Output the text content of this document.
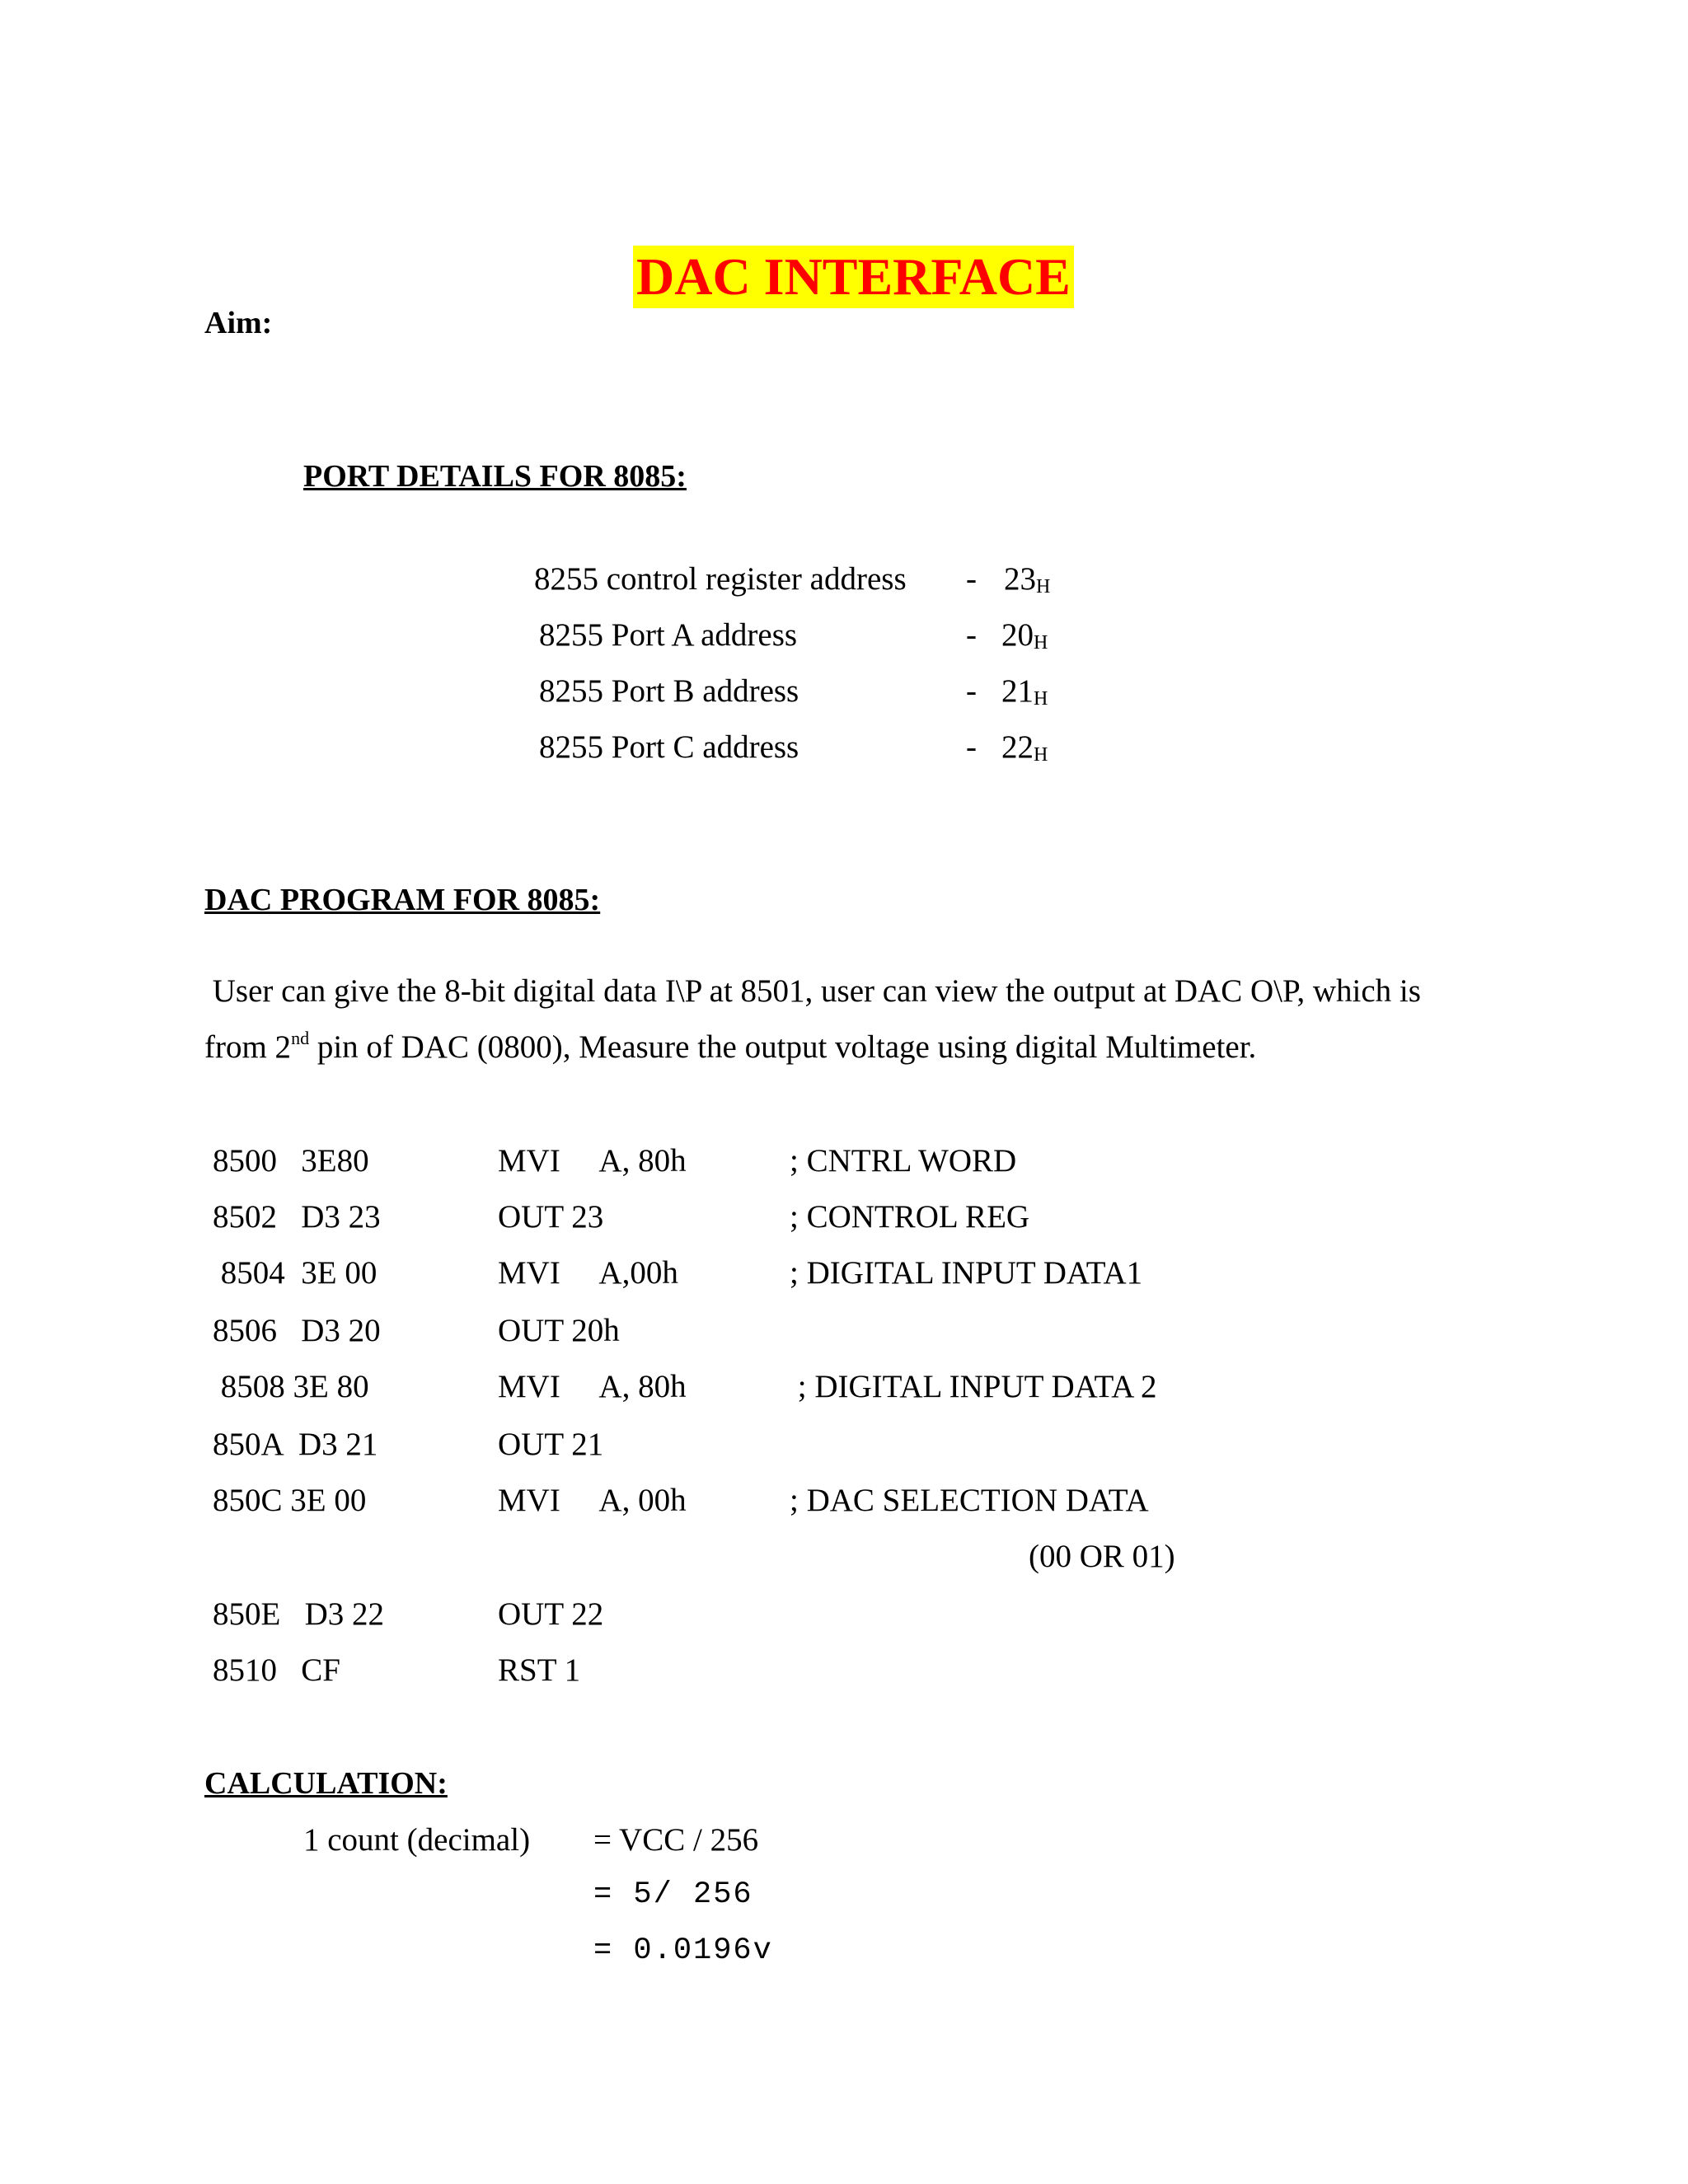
DAC INTERFACE
Aim:
PORT DETAILS FOR 8085:
8255 control register address - 23H
8255 Port A address	- 20H
8255 Port B address	- 21H
8255 Port C address	- 22H
DAC PROGRAM FOR 8085:
User can give the 8-bit digital data I\P at 8501, user can view the output at DAC O\P, which is
from 2nd pin of DAC (0800), Measure the output voltage using digital Multimeter.
8500   3E80	MVI     A, 80h	; CNTRL WORD
8502   D3 23	OUT 23	; CONTROL REG
8504  3E 00	MVI     A,00h	; DIGITAL INPUT DATA1
8506   D3 20	OUT 20h
8508 3E 80	MVI     A, 80h	; DIGITAL INPUT DATA 2
850A  D3 21	OUT 21
850C 3E 00	MVI     A, 00h	; DAC SELECTION DATA
(00 OR 01)
850E   D3 22	OUT 22
8510   CF	RST 1
CALCULATION:
1 count (decimal) = VCC / 256
= 5/ 256
= 0.0196v
